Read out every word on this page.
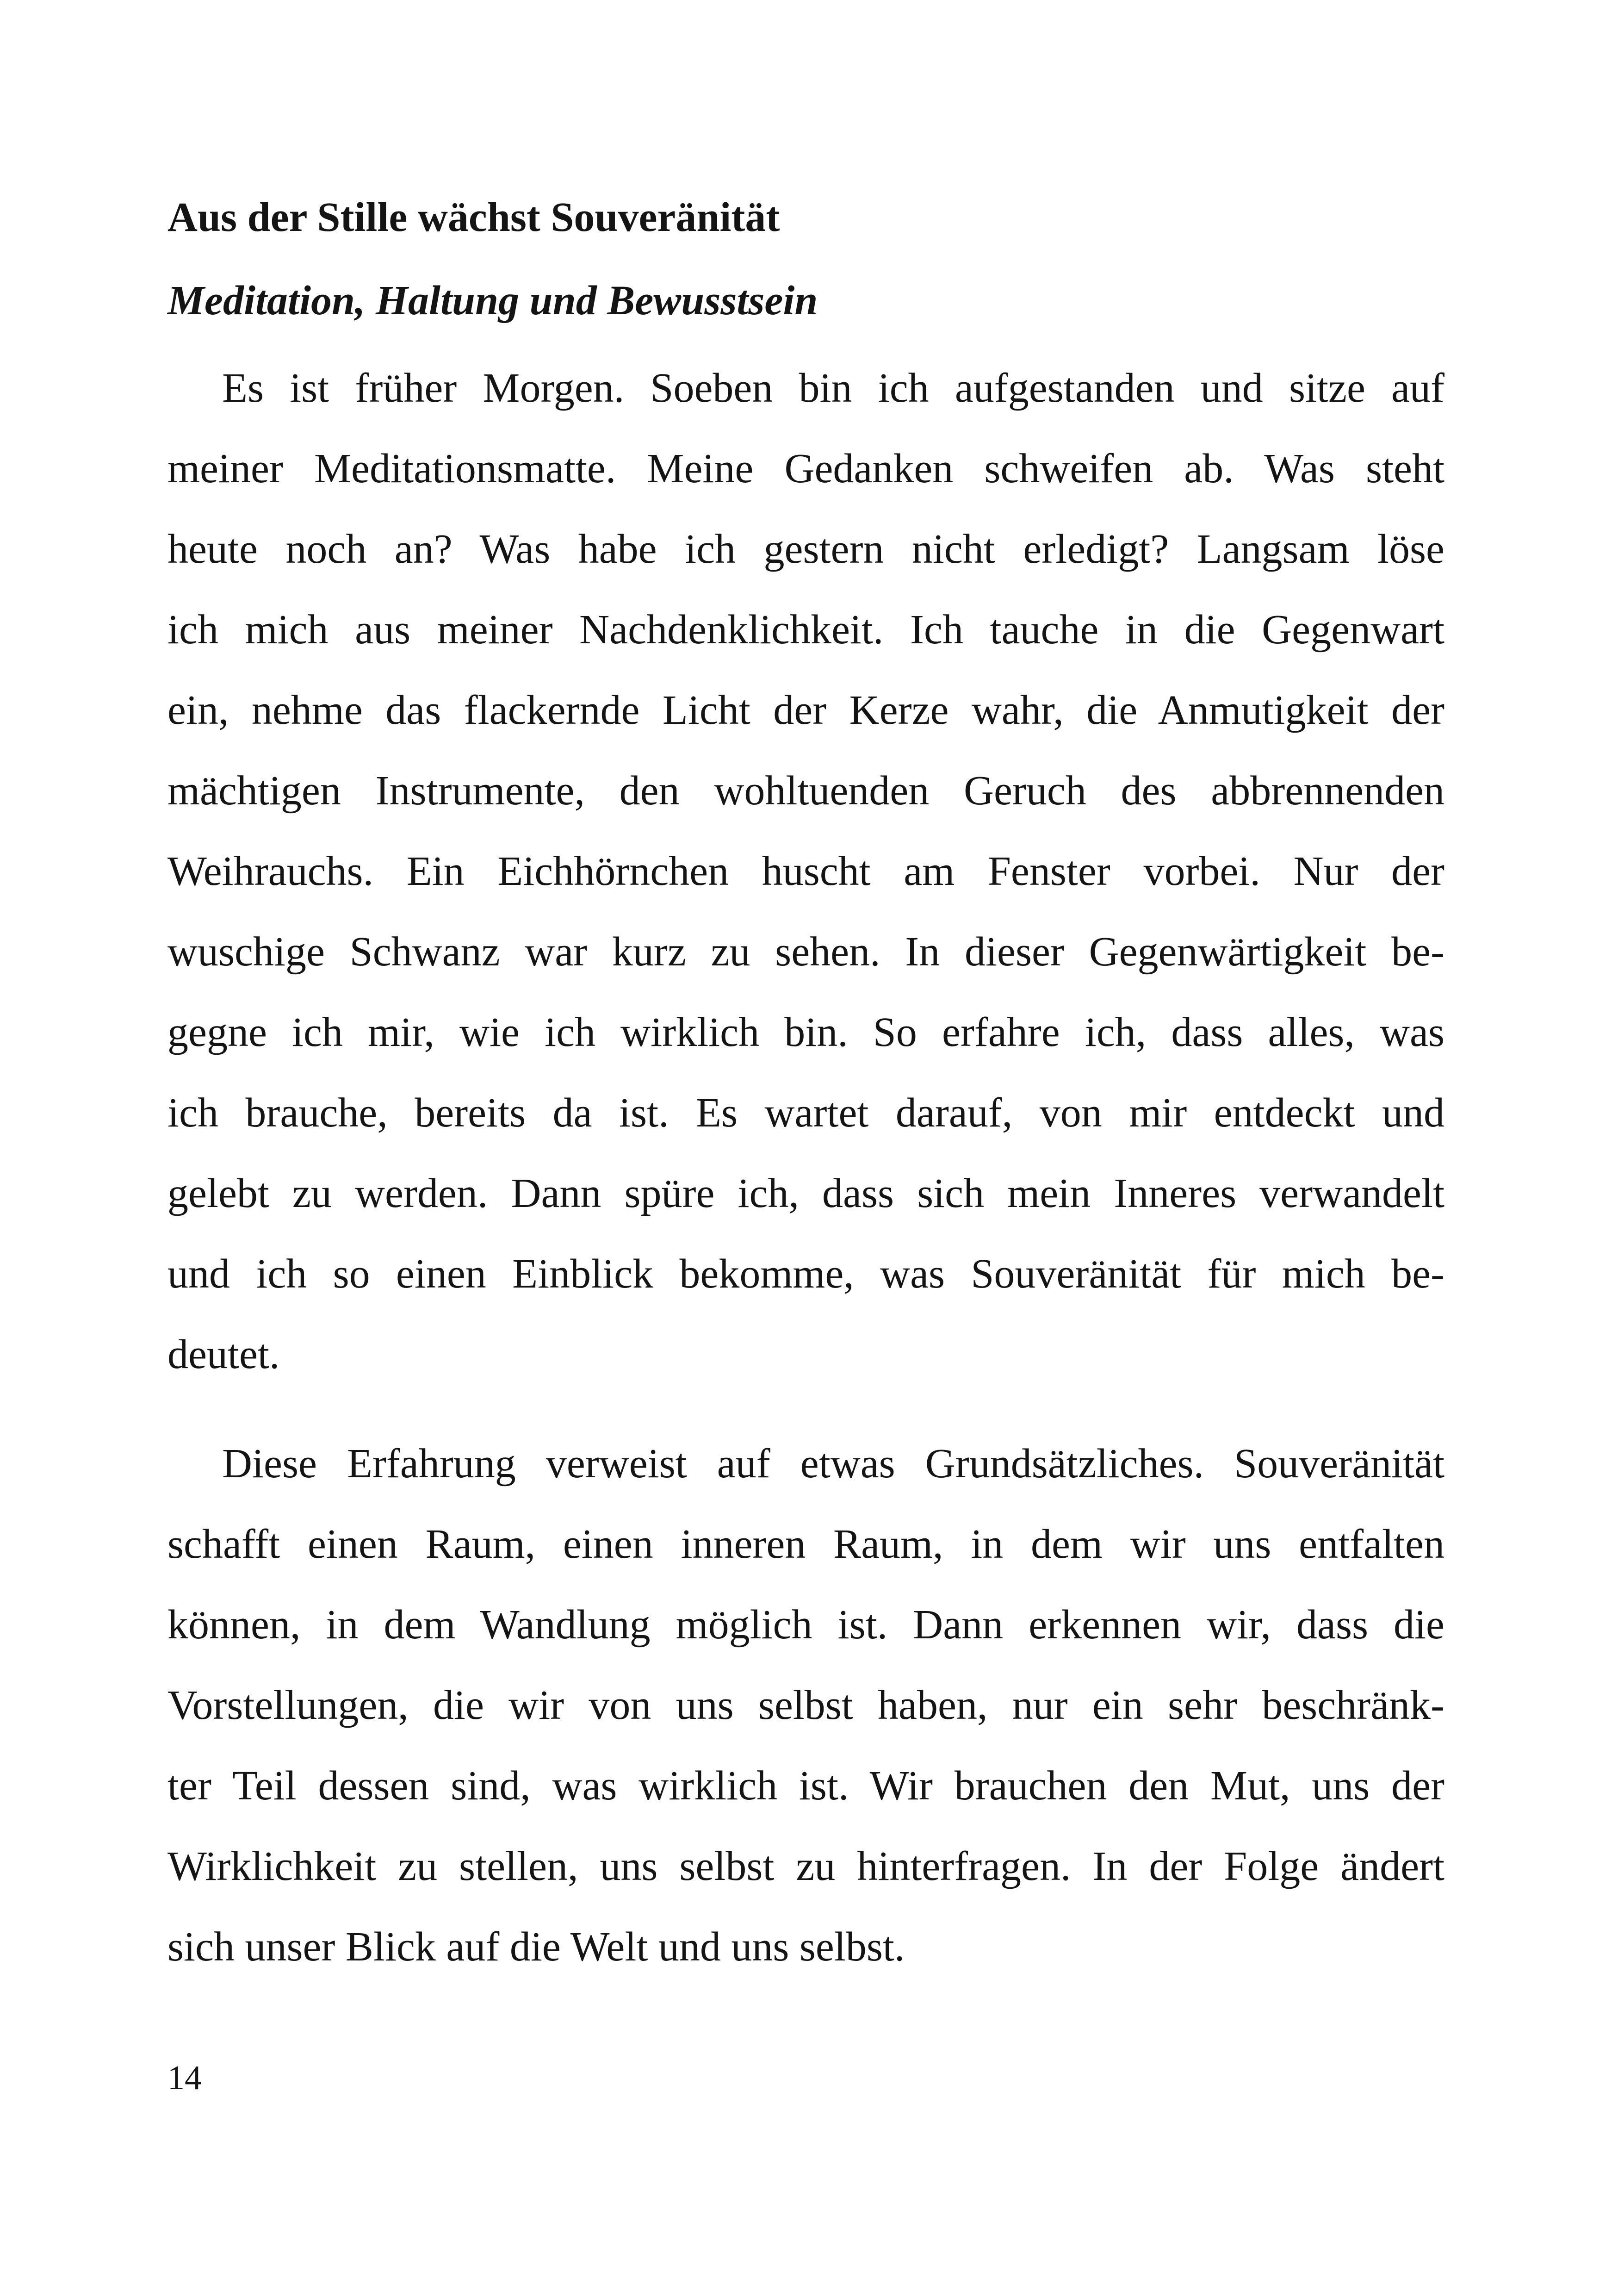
Aus der Stille wächst Souveränität
Meditation, Haltung und Bewusstsein

Es ist früher Morgen. Soeben bin ich aufgestanden und sitze auf
meiner Meditationsmatte. Meine Gedanken schweifen ab. Was steht
heute noch an? Was habe ich gestern nicht erledigt? Langsam löse
ich mich aus meiner Nachdenklichkeit. Ich tauche in die Gegenwart
ein, nehme das flackernde Licht der Kerze wahr, die Anmutigkeit der
mächtigen Instrumente, den wohltuenden Geruch des abbrennenden
Weihrauchs. Ein Eichhörnchen huscht am Fenster vorbei. Nur der
wuschige Schwanz war kurz zu sehen. In dieser Gegenwärtigkeit be-
gegne ich mir, wie ich wirklich bin. So erfahre ich, dass alles, was
ich brauche, bereits da ist. Es wartet darauf, von mir entdeckt und
gelebt zu werden. Dann spüre ich, dass sich mein Inneres verwandelt
und ich so einen Einblick bekomme, was Souveränität für mich be-
deutet.

Diese Erfahrung verweist auf etwas Grundsätzliches. Souveränität
schafft einen Raum, einen inneren Raum, in dem wir uns entfalten
können, in dem Wandlung möglich ist. Dann erkennen wir, dass die
Vorstellungen, die wir von uns selbst haben, nur ein sehr beschränk-
ter Teil dessen sind, was wirklich ist. Wir brauchen den Mut, uns der
Wirklichkeit zu stellen, uns selbst zu hinterfragen. In der Folge ändert
sich unser Blick auf die Welt und uns selbst.

14
